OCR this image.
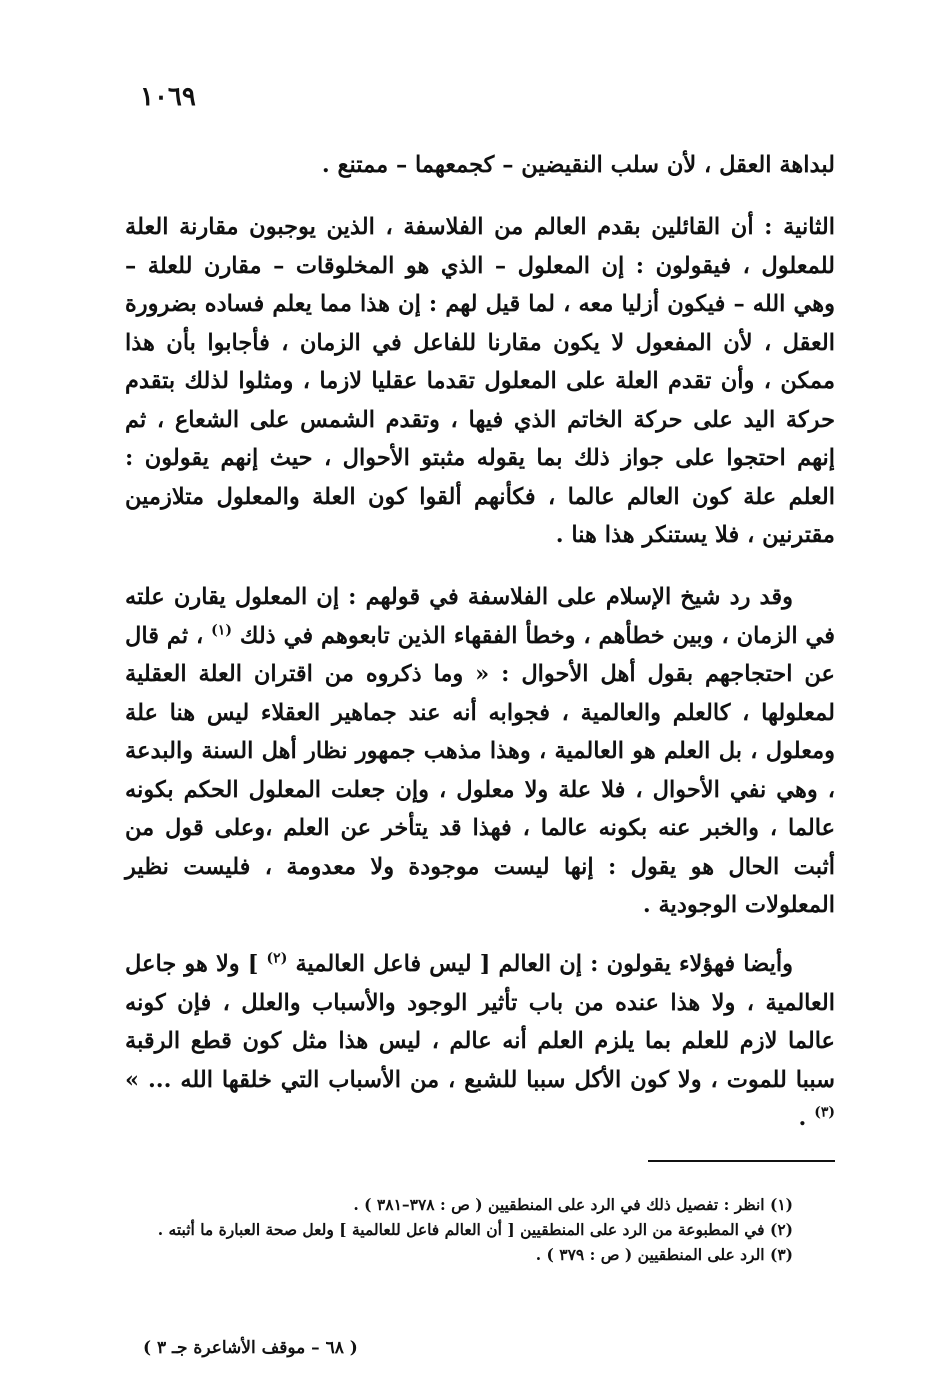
١٠٦٩

لبداهة العقل ، لأن سلب النقيضين – كجمعهما – ممتنع .

الثانية : أن القائلين بقدم العالم من الفلاسفة ، الذين يوجبون مقارنة العلة للمعلول ، فيقولون : إن المعلول – الذي هو المخلوقات – مقارن للعلة – وهي الله – فيكون أزليا معه ، لما قيل لهم : إن هذا مما يعلم فساده بضرورة العقل ، لأن المفعول لا يكون مقارنا للفاعل في الزمان ، فأجابوا بأن هذا ممكن ، وأن تقدم العلة على المعلول تقدما عقليا لازما ، ومثلوا لذلك بتقدم حركة اليد على حركة الخاتم الذي فيها ، وتقدم الشمس على الشعاع ، ثم إنهم احتجوا على جواز ذلك بما يقوله مثبتو الأحوال ، حيث إنهم يقولون : العلم علة كون العالم عالما ، فكأنهم ألقوا كون العلة والمعلول متلازمين مقترنين ، فلا يستنكر هذا هنا .

وقد رد شيخ الإسلام على الفلاسفة في قولهم : إن المعلول يقارن علته في الزمان ، وبين خطأهم ، وخطأ الفقهاء الذين تابعوهم في ذلك $^{(١)}$ ، ثم قال عن احتجاجهم بقول أهل الأحوال : « وما ذكروه من اقتران العلة العقلية لمعلولها ، كالعلم والعالمية ، فجوابه أنه عند جماهير العقلاء ليس هنا علة ومعلول ، بل العلم هو العالمية ، وهذا مذهب جمهور نظار أهل السنة والبدعة ، وهي نفي الأحوال ، فلا علة ولا معلول ، وإن جعلت المعلول الحكم بكونه عالما ، والخبر عنه بكونه عالما ، فهذا قد يتأخر عن العلم ،وعلى قول من أثبت الحال هو يقول : إنها ليست موجودة ولا معدومة ، فليست نظير المعلولات الوجودية .

وأيضا فهؤلاء يقولون : إن العالم [ ليس فاعل العالمية $^{(٢)}$ ] ولا هو جاعل العالمية ، ولا هذا عنده من باب تأثير الوجود والأسباب والعلل ، فإن كونه عالما لازم للعلم بما يلزم العلم أنه عالم ، ليس هذا مثل كون قطع الرقبة سببا للموت ، ولا كون الأكل سببا للشبع ، من الأسباب التي خلقها الله ... » $^{(٣)}$ .

(١) انظر : تفصيل ذلك في الرد على المنطقيين ( ص : ٣٧٨–٣٨١ ) .
(٢) في المطبوعة من الرد على المنطقيين [ أن العالم فاعل للعالمية ] ولعل صحة العبارة ما أثبته .
(٣) الرد على المنطقيين ( ص : ٣٧٩ ) .
( ٦٨ – موقف الأشاعرة جـ ٣ )
